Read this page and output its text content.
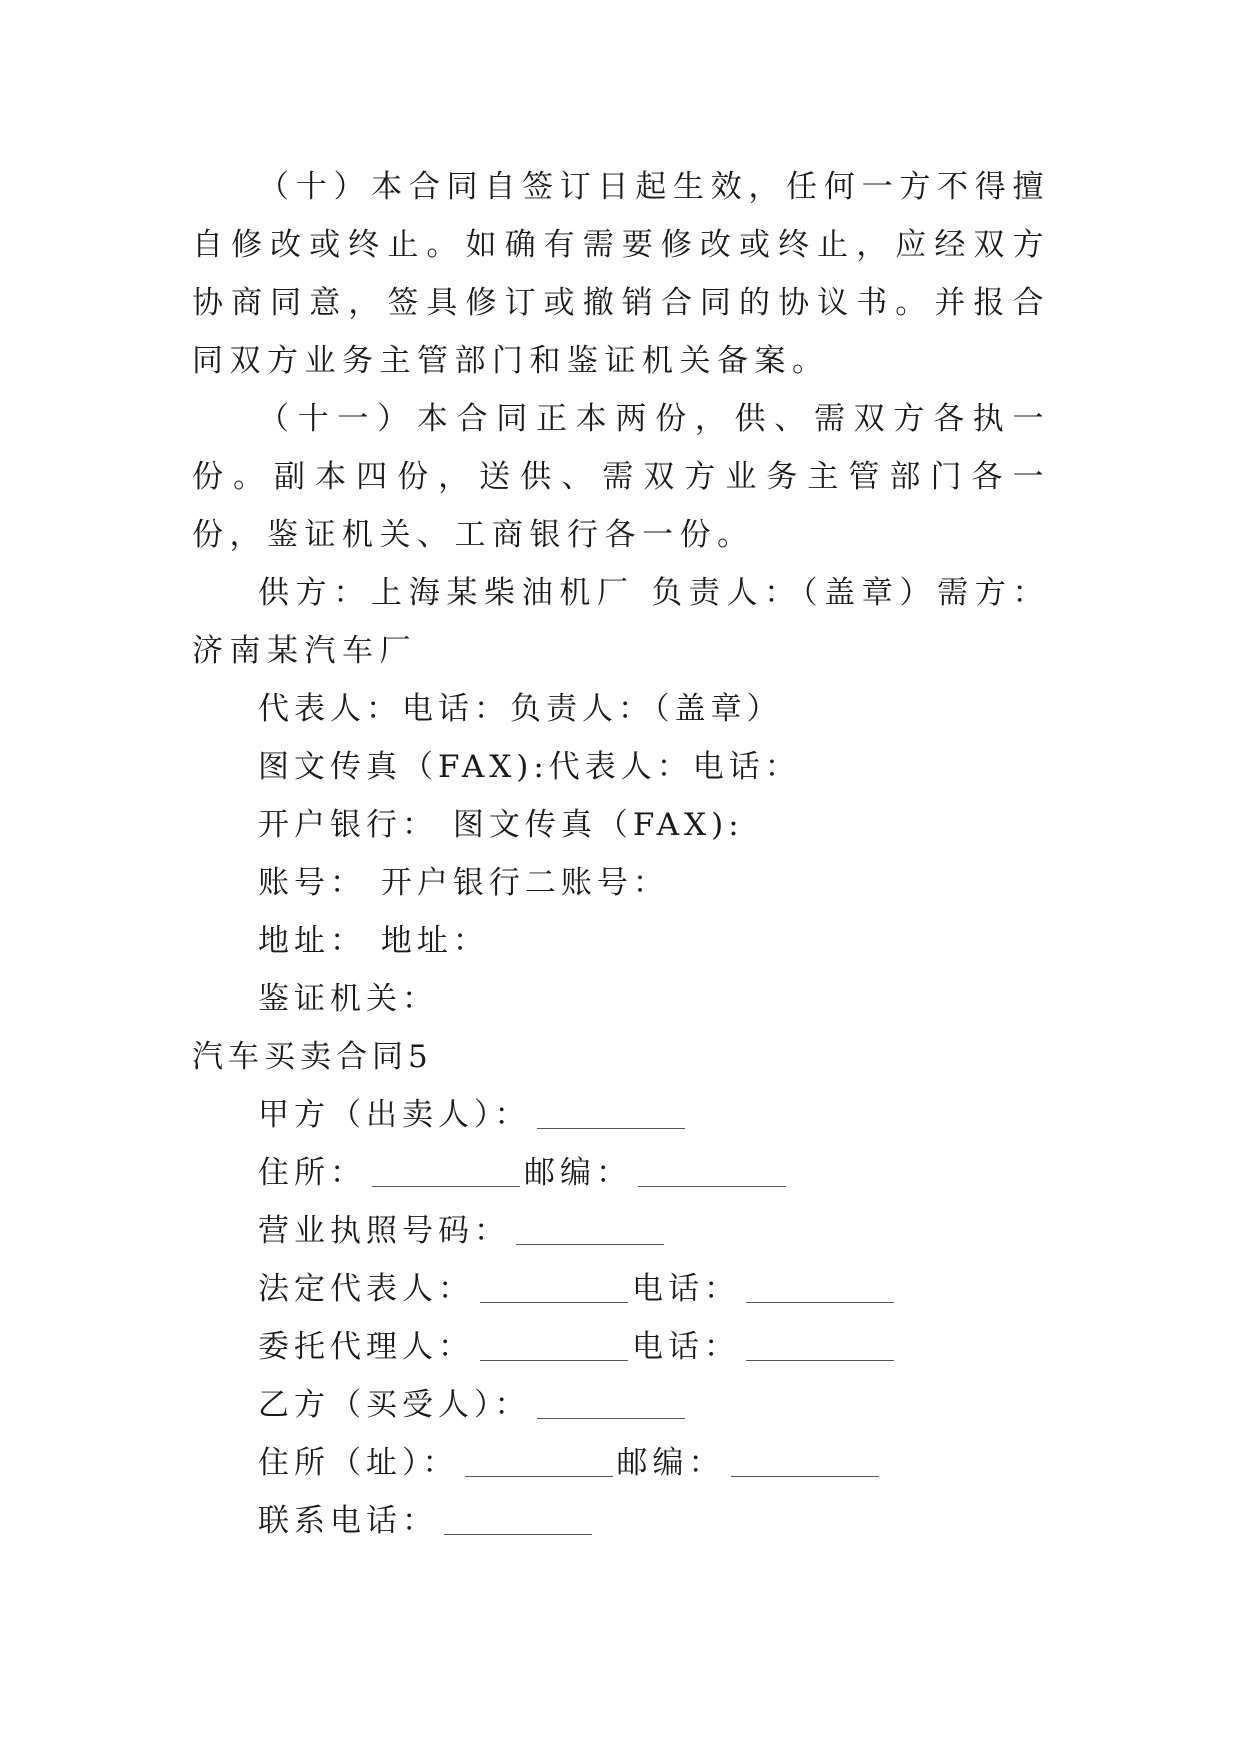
（十）本合同自签订日起生效，任何一方不得擅自修改或终止。如确有需要修改或终止，应经双方协商同意，签具修订或撤销合同的协议书。并报合同双方业务主管部门和鉴证机关备案。

（十一）本合同正本两份，供、需双方各执一份。副本四份，送供、需双方业务主管部门各一份，鉴证机关、工商银行各一份。

供方：上海某柴油机厂 负责人：（盖章）需方：济南某汽车厂

代表人：电话：负责人：（盖章）

图文传真（FAX):代表人：电话：

开户银行： 图文传真（FAX):

账号： 开户银行二账号：

地址： 地址：

鉴证机关：

汽车买卖合同5

甲方（出卖人）：

住所：	邮编：

营业执照号码：

法定代表人：	电话：

委托代理人：	电话：

乙方（买受人）：

住所（址）：	邮编：

联系电话：
